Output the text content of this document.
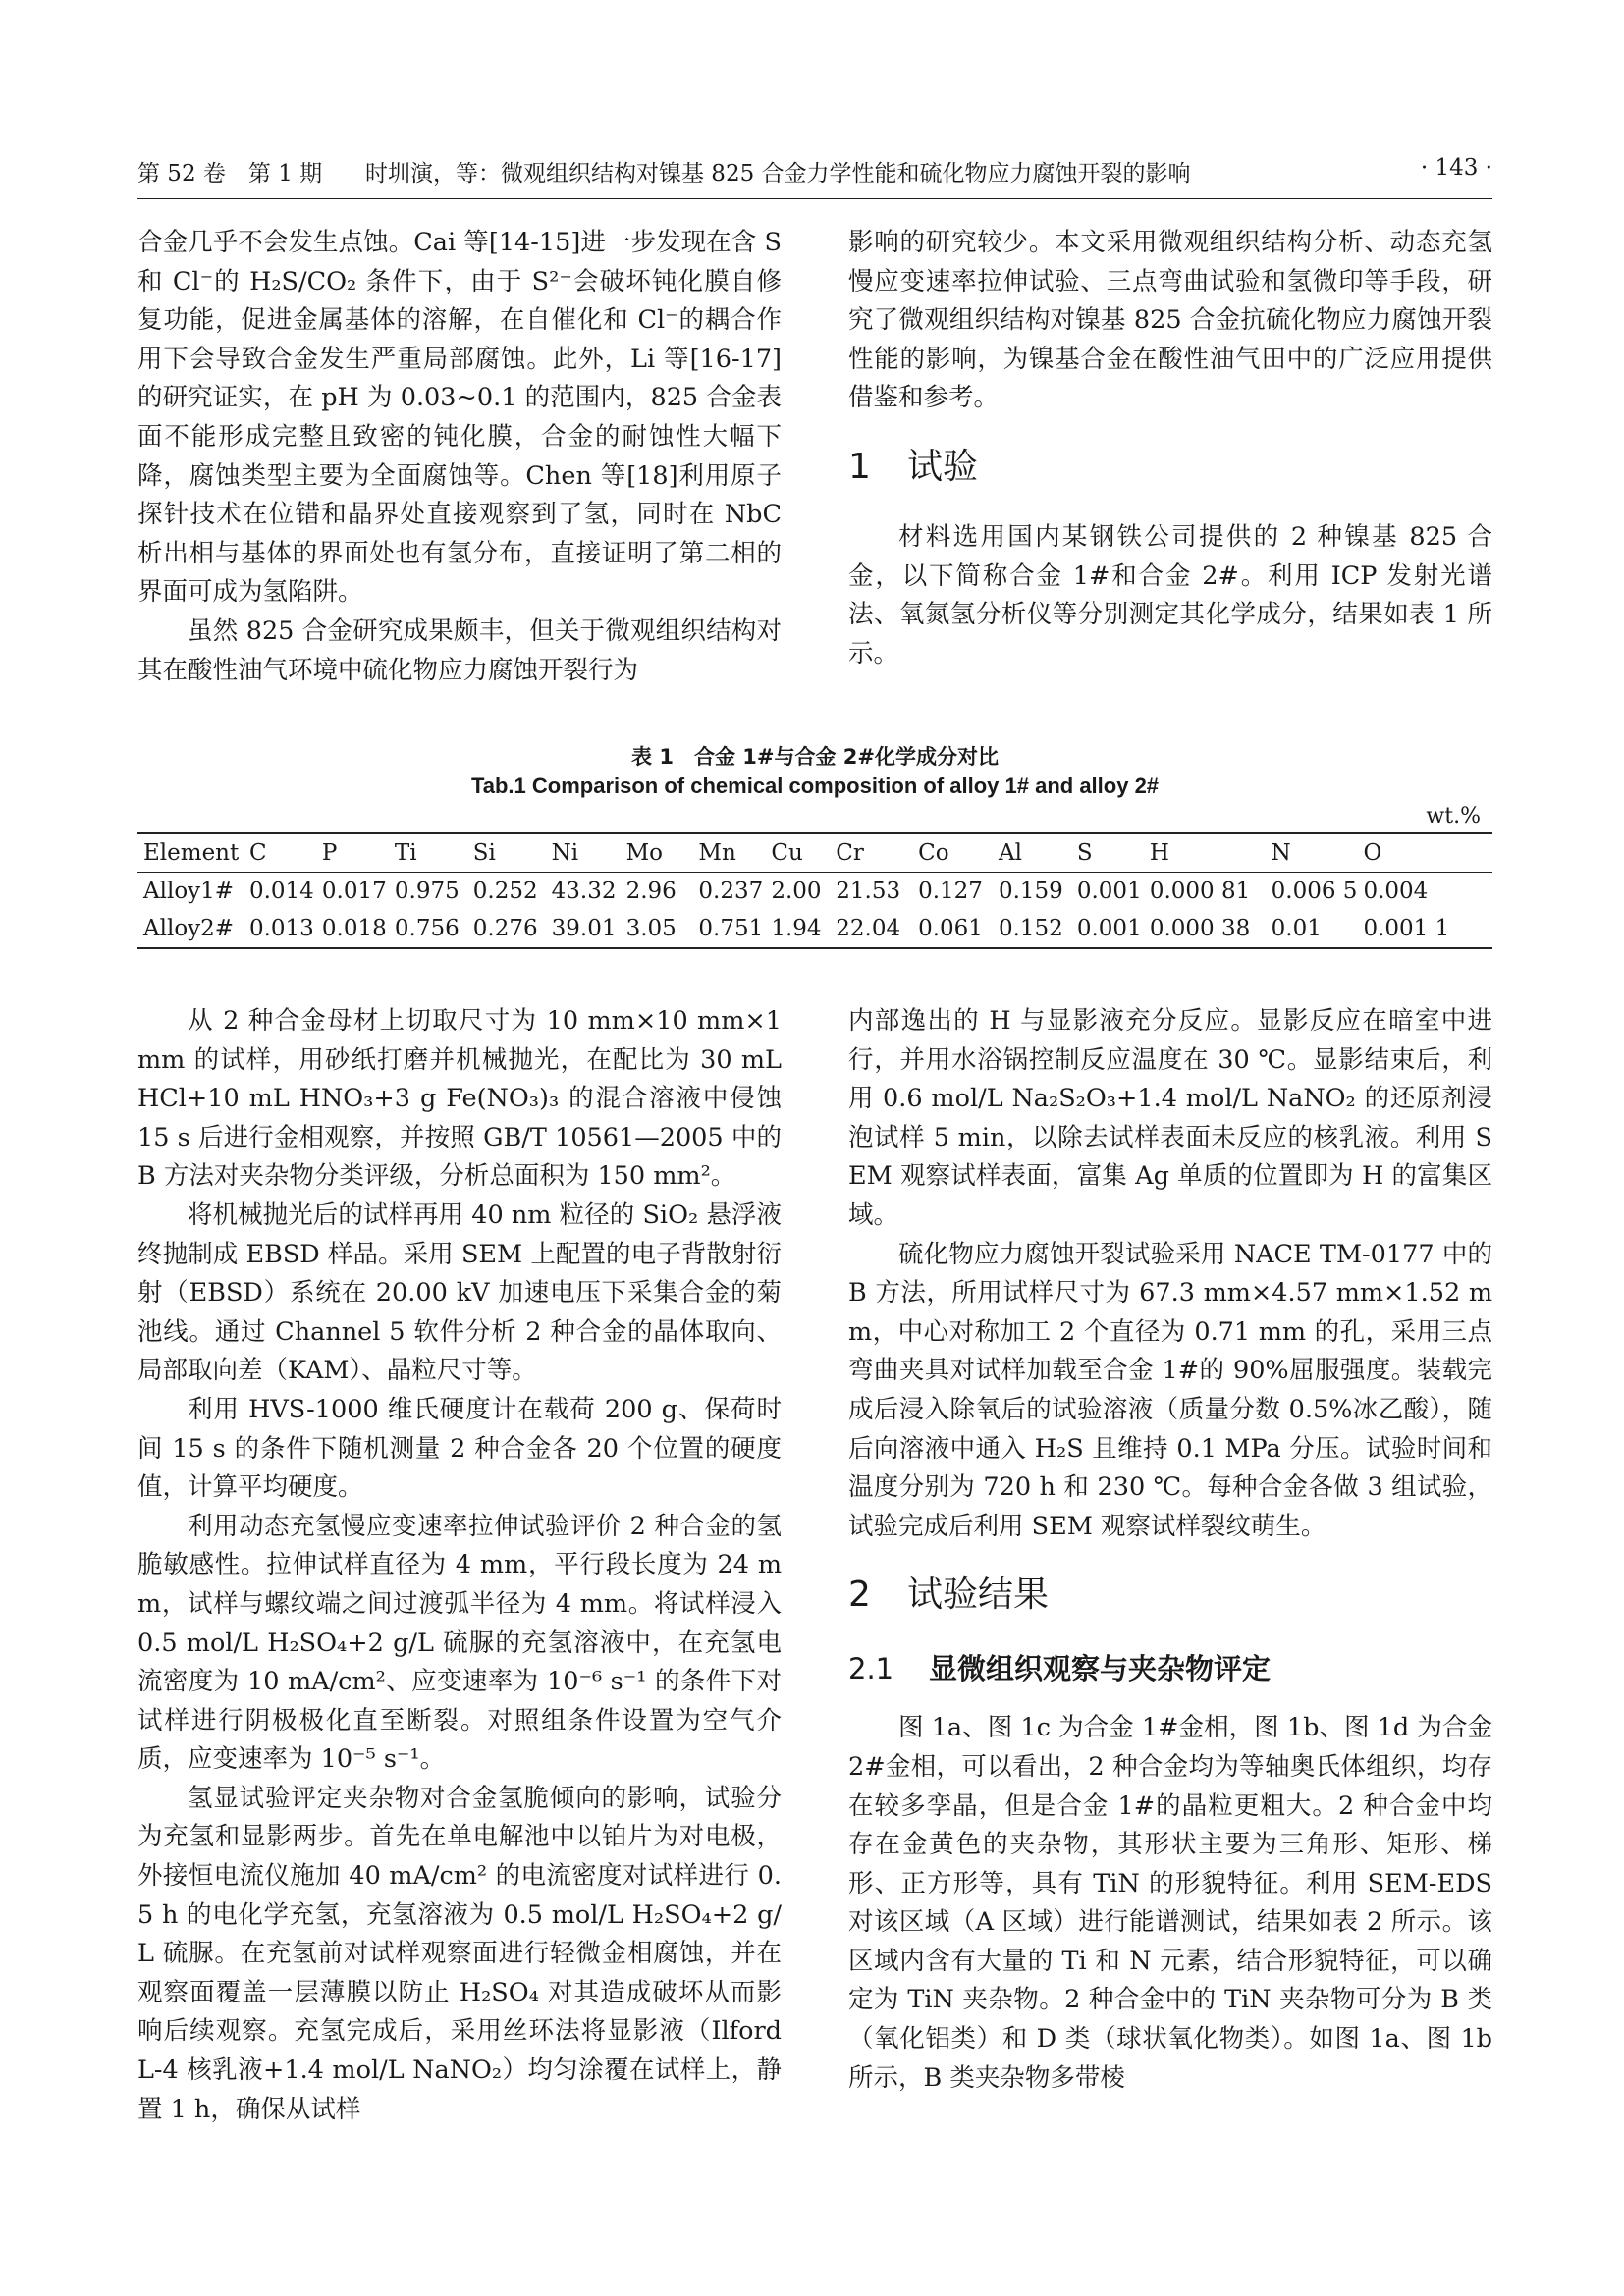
第 52 卷　第 1 期 时圳演，等：微观组织结构对镍基 825 合金力学性能和硫化物应力腐蚀开裂的影响	· 143 ·

合金几乎不会发生点蚀。Cai 等[14-15]进一步发现在含 S 和 Cl⁻的 H₂S/CO₂ 条件下，由于 S²⁻会破坏钝化膜自修复功能，促进金属基体的溶解，在自催化和 Cl⁻的耦合作用下会导致合金发生严重局部腐蚀。此外，Li 等[16-17]的研究证实，在 pH 为 0.03~0.1 的范围内，825 合金表面不能形成完整且致密的钝化膜，合金的耐蚀性大幅下降，腐蚀类型主要为全面腐蚀等。Chen 等[18]利用原子探针技术在位错和晶界处直接观察到了氢，同时在 NbC 析出相与基体的界面处也有氢分布，直接证明了第二相的界面可成为氢陷阱。

虽然 825 合金研究成果颇丰，但关于微观组织结构对其在酸性油气环境中硫化物应力腐蚀开裂行为

影响的研究较少。本文采用微观组织结构分析、动态充氢慢应变速率拉伸试验、三点弯曲试验和氢微印等手段，研究了微观组织结构对镍基 825 合金抗硫化物应力腐蚀开裂性能的影响，为镍基合金在酸性油气田中的广泛应用提供借鉴和参考。

1 试验

材料选用国内某钢铁公司提供的 2 种镍基 825 合金，以下简称合金 1#和合金 2#。利用 ICP 发射光谱法、氧氮氢分析仪等分别测定其化学成分，结果如表 1 所示。

表 1　合金 1#与合金 2#化学成分对比
Tab.1 Comparison of chemical composition of alloy 1# and alloy 2#
wt.%
Element	C	P	Ti	Si	Ni	Mo	Mn	Cu	Cr	Co	Al	S	H	N	O
Alloy1#	0.014	0.017	0.975	0.252	43.32	2.96	0.237	2.00	21.53	0.127	0.159	0.001	0.000 81	0.006 5	0.004
Alloy2#	0.013	0.018	0.756	0.276	39.01	3.05	0.751	1.94	22.04	0.061	0.152	0.001	0.000 38	0.01	0.001 1

从 2 种合金母材上切取尺寸为 10 mm×10 mm×1 mm 的试样，用砂纸打磨并机械抛光，在配比为 30 mL HCl+10 mL HNO₃+3 g Fe(NO₃)₃ 的混合溶液中侵蚀 15 s 后进行金相观察，并按照 GB/T 10561—2005 中的 B 方法对夹杂物分类评级，分析总面积为 150 mm²。

将机械抛光后的试样再用 40 nm 粒径的 SiO₂ 悬浮液终抛制成 EBSD 样品。采用 SEM 上配置的电子背散射衍射（EBSD）系统在 20.00 kV 加速电压下采集合金的菊池线。通过 Channel 5 软件分析 2 种合金的晶体取向、局部取向差（KAM）、晶粒尺寸等。

利用 HVS-1000 维氏硬度计在载荷 200 g、保荷时间 15 s 的条件下随机测量 2 种合金各 20 个位置的硬度值，计算平均硬度。

利用动态充氢慢应变速率拉伸试验评价 2 种合金的氢脆敏感性。拉伸试样直径为 4 mm，平行段长度为 24 mm，试样与螺纹端之间过渡弧半径为 4 mm。将试样浸入 0.5 mol/L H₂SO₄+2 g/L 硫脲的充氢溶液中，在充氢电流密度为 10 mA/cm²、应变速率为 10⁻⁶ s⁻¹ 的条件下对试样进行阴极极化直至断裂。对照组条件设置为空气介质，应变速率为 10⁻⁵ s⁻¹。

氢显试验评定夹杂物对合金氢脆倾向的影响，试验分为充氢和显影两步。首先在单电解池中以铂片为对电极，外接恒电流仪施加 40 mA/cm² 的电流密度对试样进行 0.5 h 的电化学充氢，充氢溶液为 0.5 mol/L H₂SO₄+2 g/L 硫脲。在充氢前对试样观察面进行轻微金相腐蚀，并在观察面覆盖一层薄膜以防止 H₂SO₄ 对其造成破坏从而影响后续观察。充氢完成后，采用丝环法将显影液（Ilford L-4 核乳液+1.4 mol/L NaNO₂）均匀涂覆在试样上，静置 1 h，确保从试样

内部逸出的 H 与显影液充分反应。显影反应在暗室中进行，并用水浴锅控制反应温度在 30 ℃。显影结束后，利用 0.6 mol/L Na₂S₂O₃+1.4 mol/L NaNO₂ 的还原剂浸泡试样 5 min，以除去试样表面未反应的核乳液。利用 SEM 观察试样表面，富集 Ag 单质的位置即为 H 的富集区域。

硫化物应力腐蚀开裂试验采用 NACE TM-0177 中的 B 方法，所用试样尺寸为 67.3 mm×4.57 mm×1.52 mm，中心对称加工 2 个直径为 0.71 mm 的孔，采用三点弯曲夹具对试样加载至合金 1#的 90%屈服强度。装载完成后浸入除氧后的试验溶液（质量分数 0.5%冰乙酸），随后向溶液中通入 H₂S 且维持 0.1 MPa 分压。试验时间和温度分别为 720 h 和 230 ℃。每种合金各做 3 组试验，试验完成后利用 SEM 观察试样裂纹萌生。

2 试验结果
2.1 显微组织观察与夹杂物评定

图 1a、图 1c 为合金 1#金相，图 1b、图 1d 为合金 2#金相，可以看出，2 种合金均为等轴奥氏体组织，均存在较多孪晶，但是合金 1#的晶粒更粗大。2 种合金中均存在金黄色的夹杂物，其形状主要为三角形、矩形、梯形、正方形等，具有 TiN 的形貌特征。利用 SEM-EDS 对该区域（A 区域）进行能谱测试，结果如表 2 所示。该区域内含有大量的 Ti 和 N 元素，结合形貌特征，可以确定为 TiN 夹杂物。2 种合金中的 TiN 夹杂物可分为 B 类（氧化铝类）和 D 类（球状氧化物类）。如图 1a、图 1b 所示，B 类夹杂物多带棱
